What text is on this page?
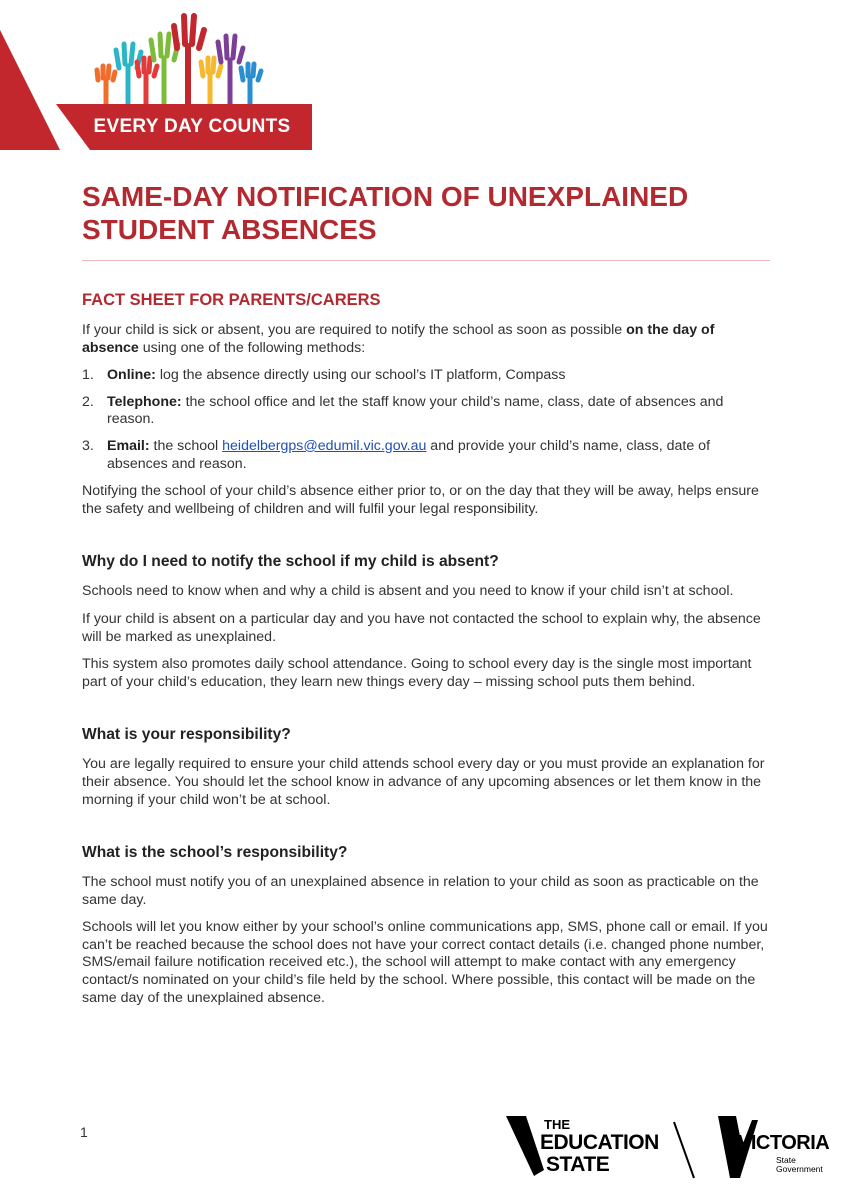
EVERY DAY COUNTS
SAME-DAY NOTIFICATION OF UNEXPLAINED STUDENT ABSENCES
FACT SHEET FOR PARENTS/CARERS

If your child is sick or absent, you are required to notify the school as soon as possible on the day of absence using one of the following methods:

1. Online: log the absence directly using our school’s IT platform, Compass
2. Telephone: the school office and let the staff know your child’s name, class, date of absences and reason.
3. Email: the school heidelbergps@edumil.vic.gov.au and provide your child’s name, class, date of absences and reason.

Notifying the school of your child’s absence either prior to, or on the day that they will be away, helps ensure the safety and wellbeing of children and will fulfil your legal responsibility.

Why do I need to notify the school if my child is absent?

Schools need to know when and why a child is absent and you need to know if your child isn’t at school.

If your child is absent on a particular day and you have not contacted the school to explain why, the absence will be marked as unexplained.

This system also promotes daily school attendance. Going to school every day is the single most important part of your child’s education, they learn new things every day – missing school puts them behind.

What is your responsibility?

You are legally required to ensure your child attends school every day or you must provide an explanation for their absence. You should let the school know in advance of any upcoming absences or let them know in the morning if your child won’t be at school.

What is the school’s responsibility?

The school must notify you of an unexplained absence in relation to your child as soon as practicable on the same day.

Schools will let you know either by your school’s online communications app, SMS, phone call or email. If you can’t be reached because the school does not have your correct contact details (i.e. changed phone number, SMS/email failure notification received etc.), the school will attempt to make contact with any emergency contact/s nominated on your child’s file held by the school. Where possible, this contact will be made on the same day of the unexplained absence.

1	THE
EDUCATION
STATE
VICTORIA
State
Government
